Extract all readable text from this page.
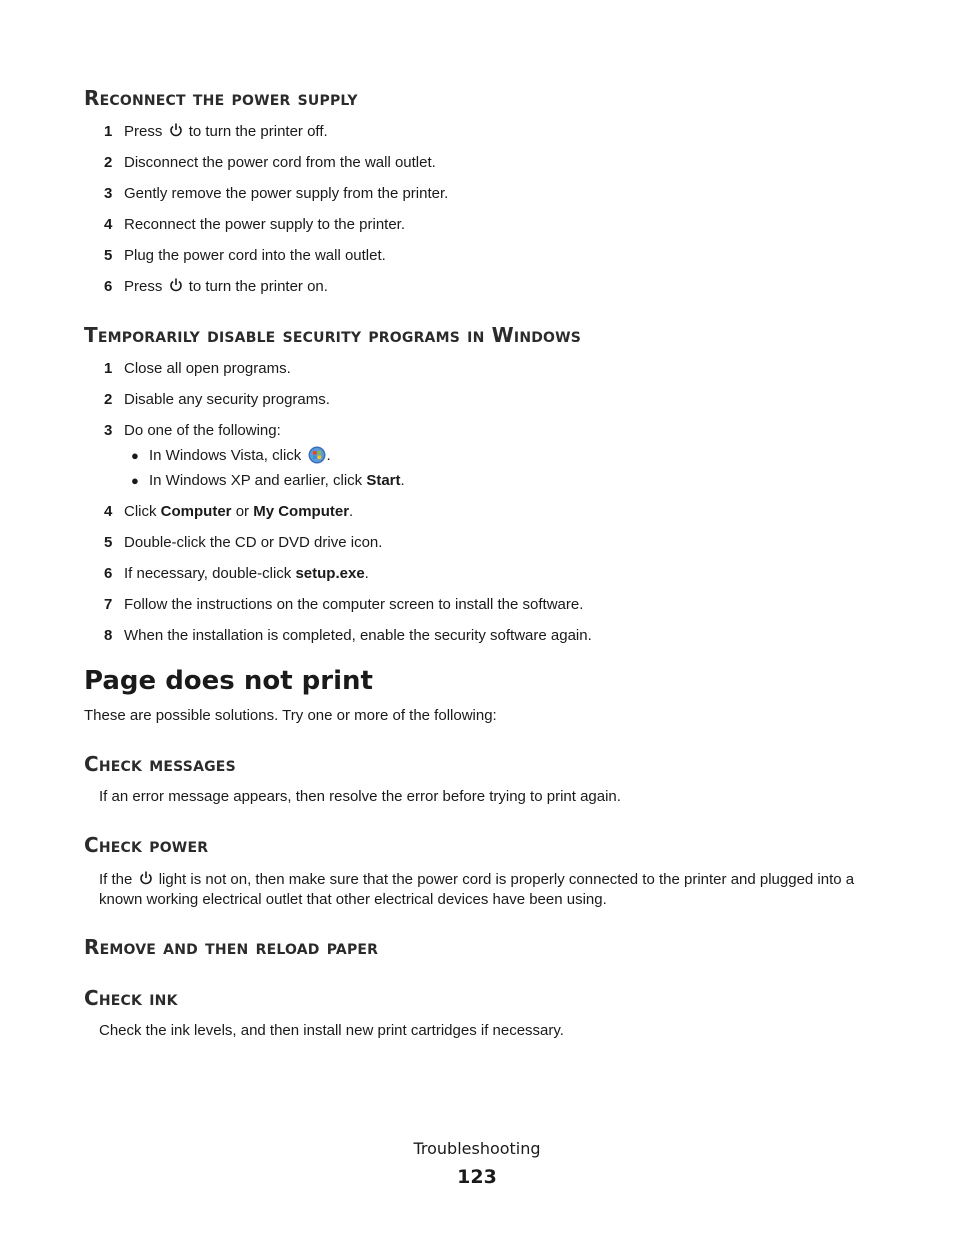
Reconnect the power supply
1 Press to turn the printer off.
2 Disconnect the power cord from the wall outlet.
3 Gently remove the power supply from the printer.
4 Reconnect the power supply to the printer.
5 Plug the power cord into the wall outlet.
6 Press to turn the printer on.
Temporarily disable security programs in Windows
1 Close all open programs.
2 Disable any security programs.
3 Do one of the following:
● In Windows Vista, click .
● In Windows XP and earlier, click Start.
4 Click Computer or My Computer.
5 Double-click the CD or DVD drive icon.
6 If necessary, double-click setup.exe.
7 Follow the instructions on the computer screen to install the software.
8 When the installation is completed, enable the security software again.
Page does not print
These are possible solutions. Try one or more of the following:
Check messages
If an error message appears, then resolve the error before trying to print again.
Check power
If the light is not on, then make sure that the power cord is properly connected to the printer and plugged into a known working electrical outlet that other electrical devices have been using.
Remove and then reload paper
Check ink
Check the ink levels, and then install new print cartridges if necessary.
Troubleshooting
123
